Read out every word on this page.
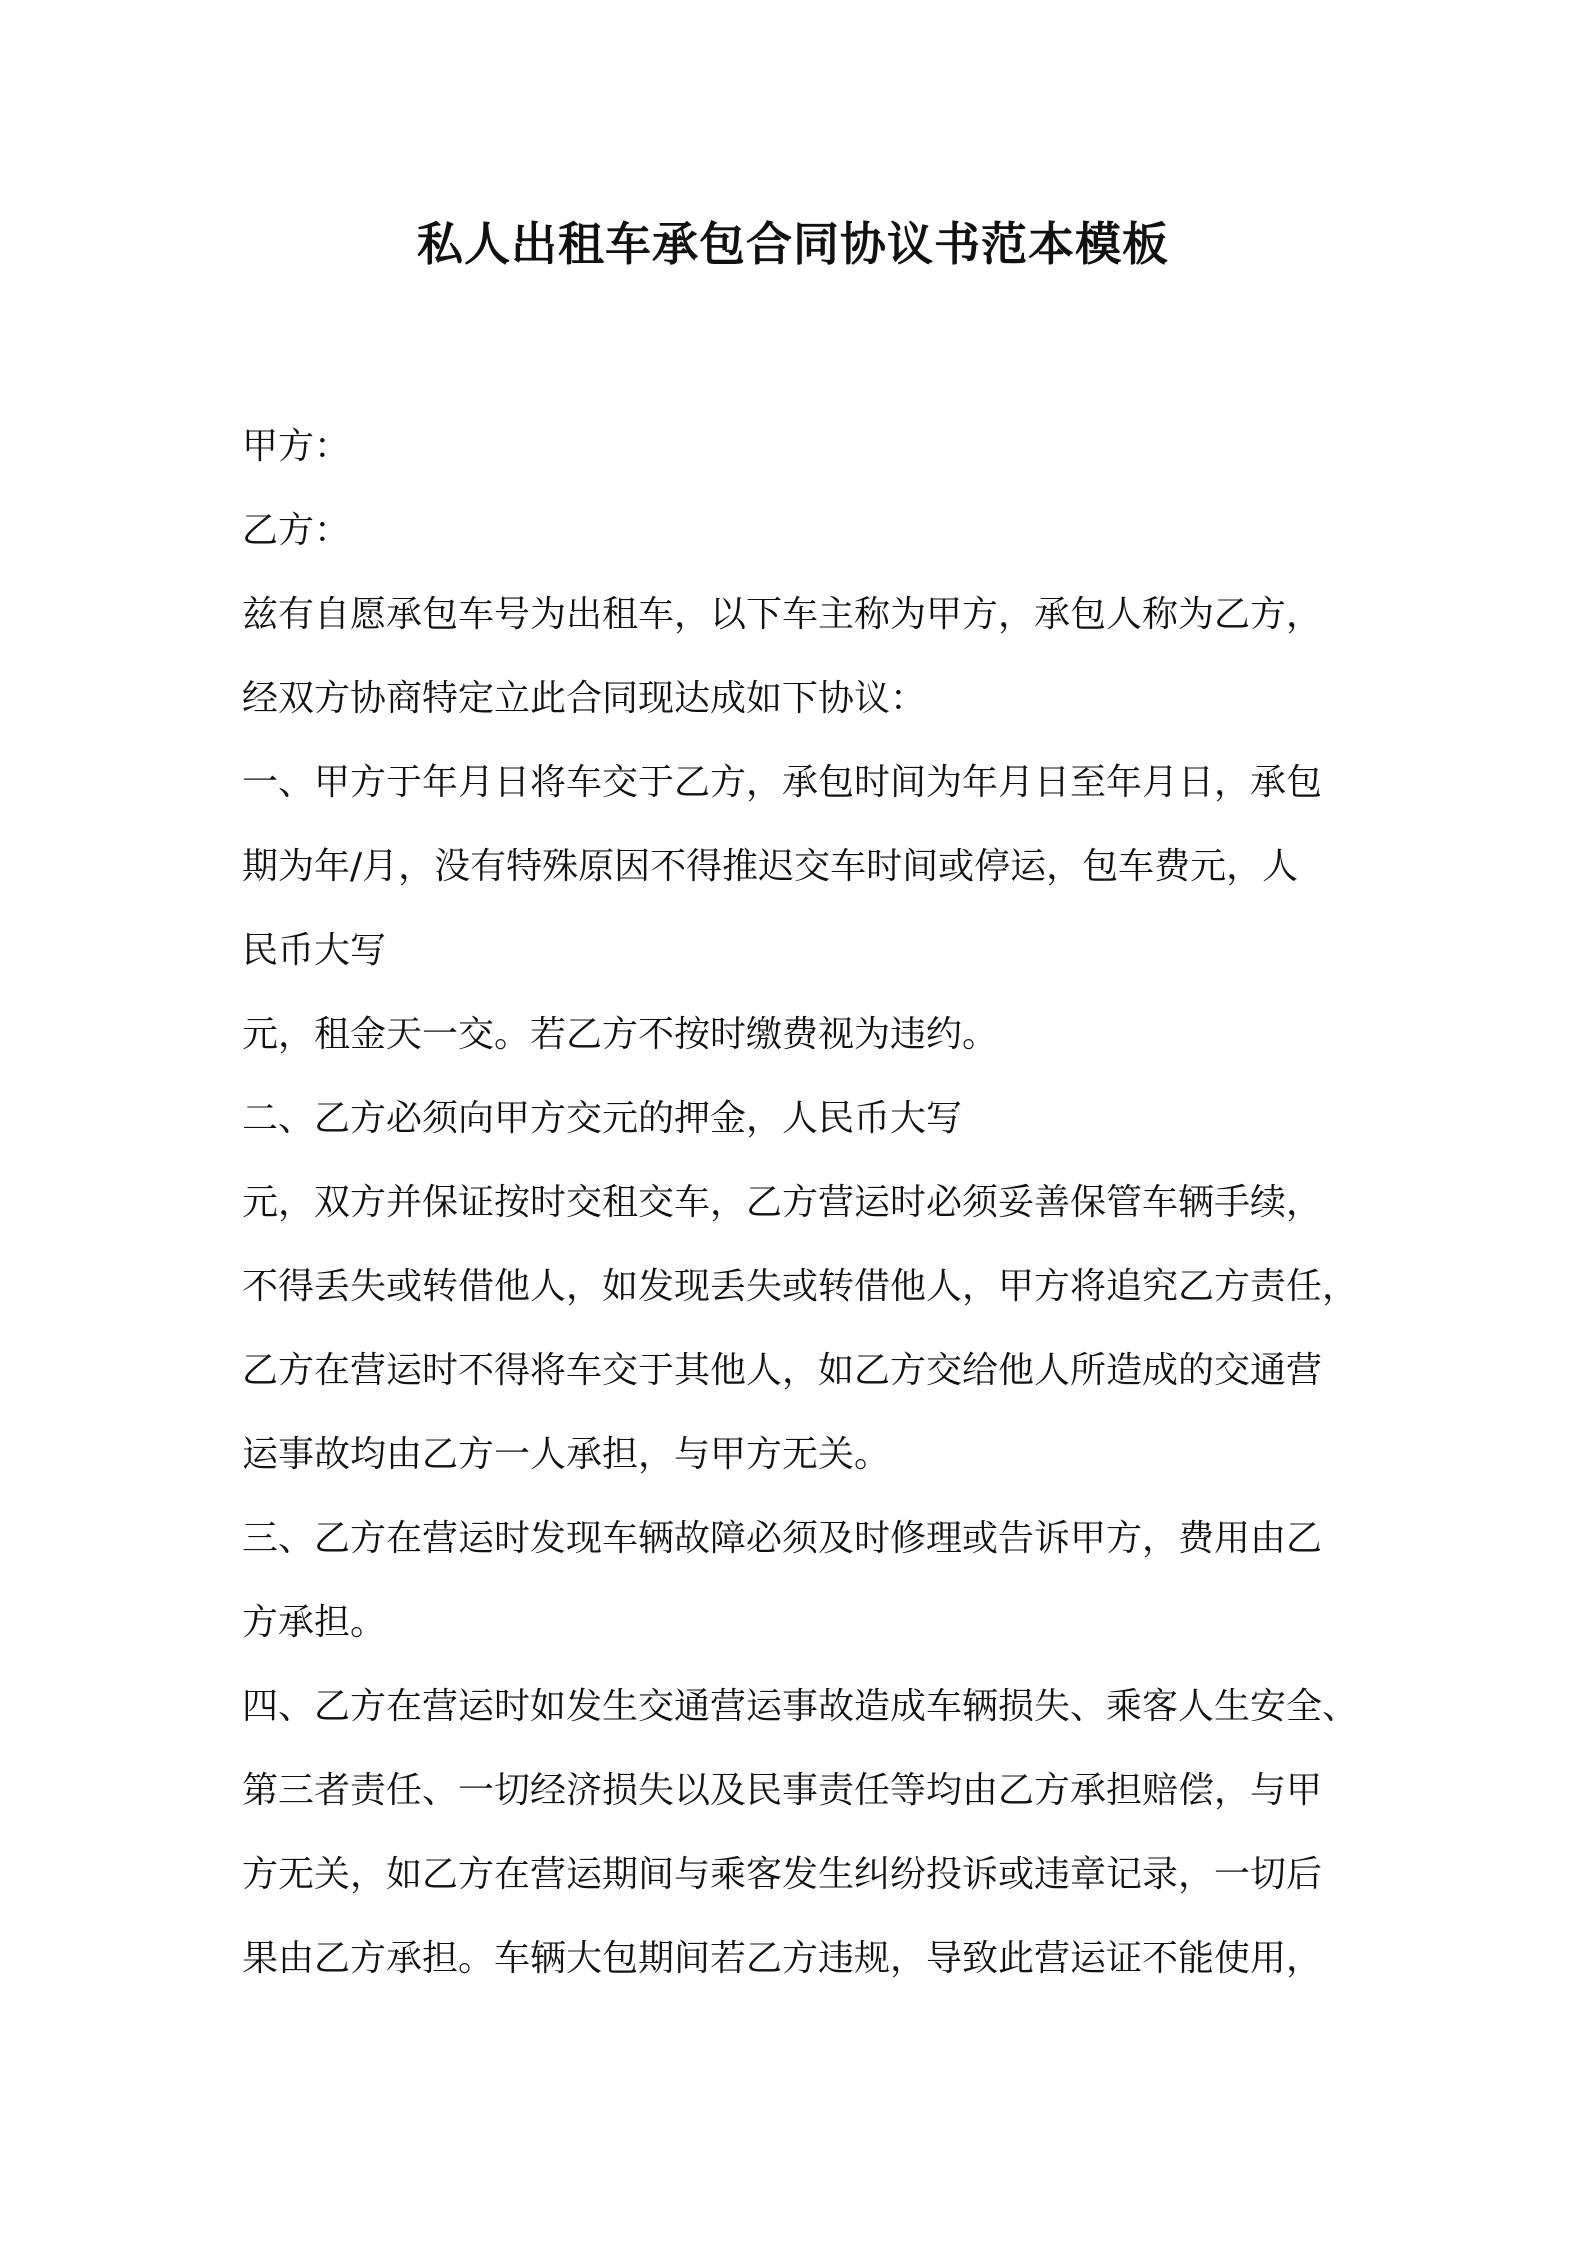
私人出租车承包合同协议书范本模板
甲方：
乙方：
兹有自愿承包车号为出租车，以下车主称为甲方，承包人称为乙方，
经双方协商特定立此合同现达成如下协议：
一、甲方于年月日将车交于乙方，承包时间为年月日至年月日，承包
期为年/月，没有特殊原因不得推迟交车时间或停运，包车费元，人
民币大写
元，租金天一交。若乙方不按时缴费视为违约。
二、乙方必须向甲方交元的押金，人民币大写
元，双方并保证按时交租交车，乙方营运时必须妥善保管车辆手续，
不得丢失或转借他人，如发现丢失或转借他人，甲方将追究乙方责任，
乙方在营运时不得将车交于其他人，如乙方交给他人所造成的交通营
运事故均由乙方一人承担，与甲方无关。
三、乙方在营运时发现车辆故障必须及时修理或告诉甲方，费用由乙
方承担。
四、乙方在营运时如发生交通营运事故造成车辆损失、乘客人生安全、
第三者责任、一切经济损失以及民事责任等均由乙方承担赔偿，与甲
方无关，如乙方在营运期间与乘客发生纠纷投诉或违章记录，一切后
果由乙方承担。车辆大包期间若乙方违规，导致此营运证不能使用，
